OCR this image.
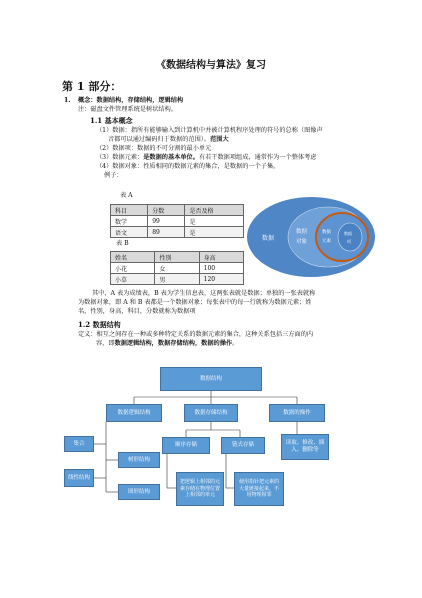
《数据结构与算法》复习
第 1 部分：
1. 概念：数据结构，存储结构，逻辑结构
注：磁盘文件管理系统是树状结构。
1.1 基本概念
（1）数据：指所有能够输入到计算机中并被计算机程序处理的符号的总称（图像声
音都可以通过编码归于数据的范围）。范围大
（2）数据项：数据的不可分割的最小单元
（3）数据元素：是数据的基本单位。有若干数据项组成，通常作为一个整体考虑
（4）数据对象：性质相同的数据元素的集合，是数据的一个子集。
例子：
表 A
科目	分数	是否及格
数学	99	是
语文	89	是
表 B
姓名	性别	身高
小花	女	100
小草	男	120
数据
数据
对象
数据
元素
数据
项
其中，A 表为成绩表，B 表为学生信息表，这两张表就是数据；单独的一张表就称
为数据对象，即 A 和 B 表都是一个数据对象；每张表中的每一行就称为数据元素；姓
名，性别，身高，科目，分数就称为数据项
1.2 数据结构
定义：相互之间存在一种或多种特定关系的数据元素的集合，这种关系包括三方面的内
容，即数据逻辑结构，数据存储结构，数据的操作。
数据结构
数据逻辑结构	数据存储结构	数据的操作
集合
树形结构
线性结构
图形结构
顺序存储	链式存储	读取、修改、插入、删除等
把逻辑上相邻的元素存储在物理位置上相邻的单元
使用指针把元素的大量链接起来，不用物理相邻
